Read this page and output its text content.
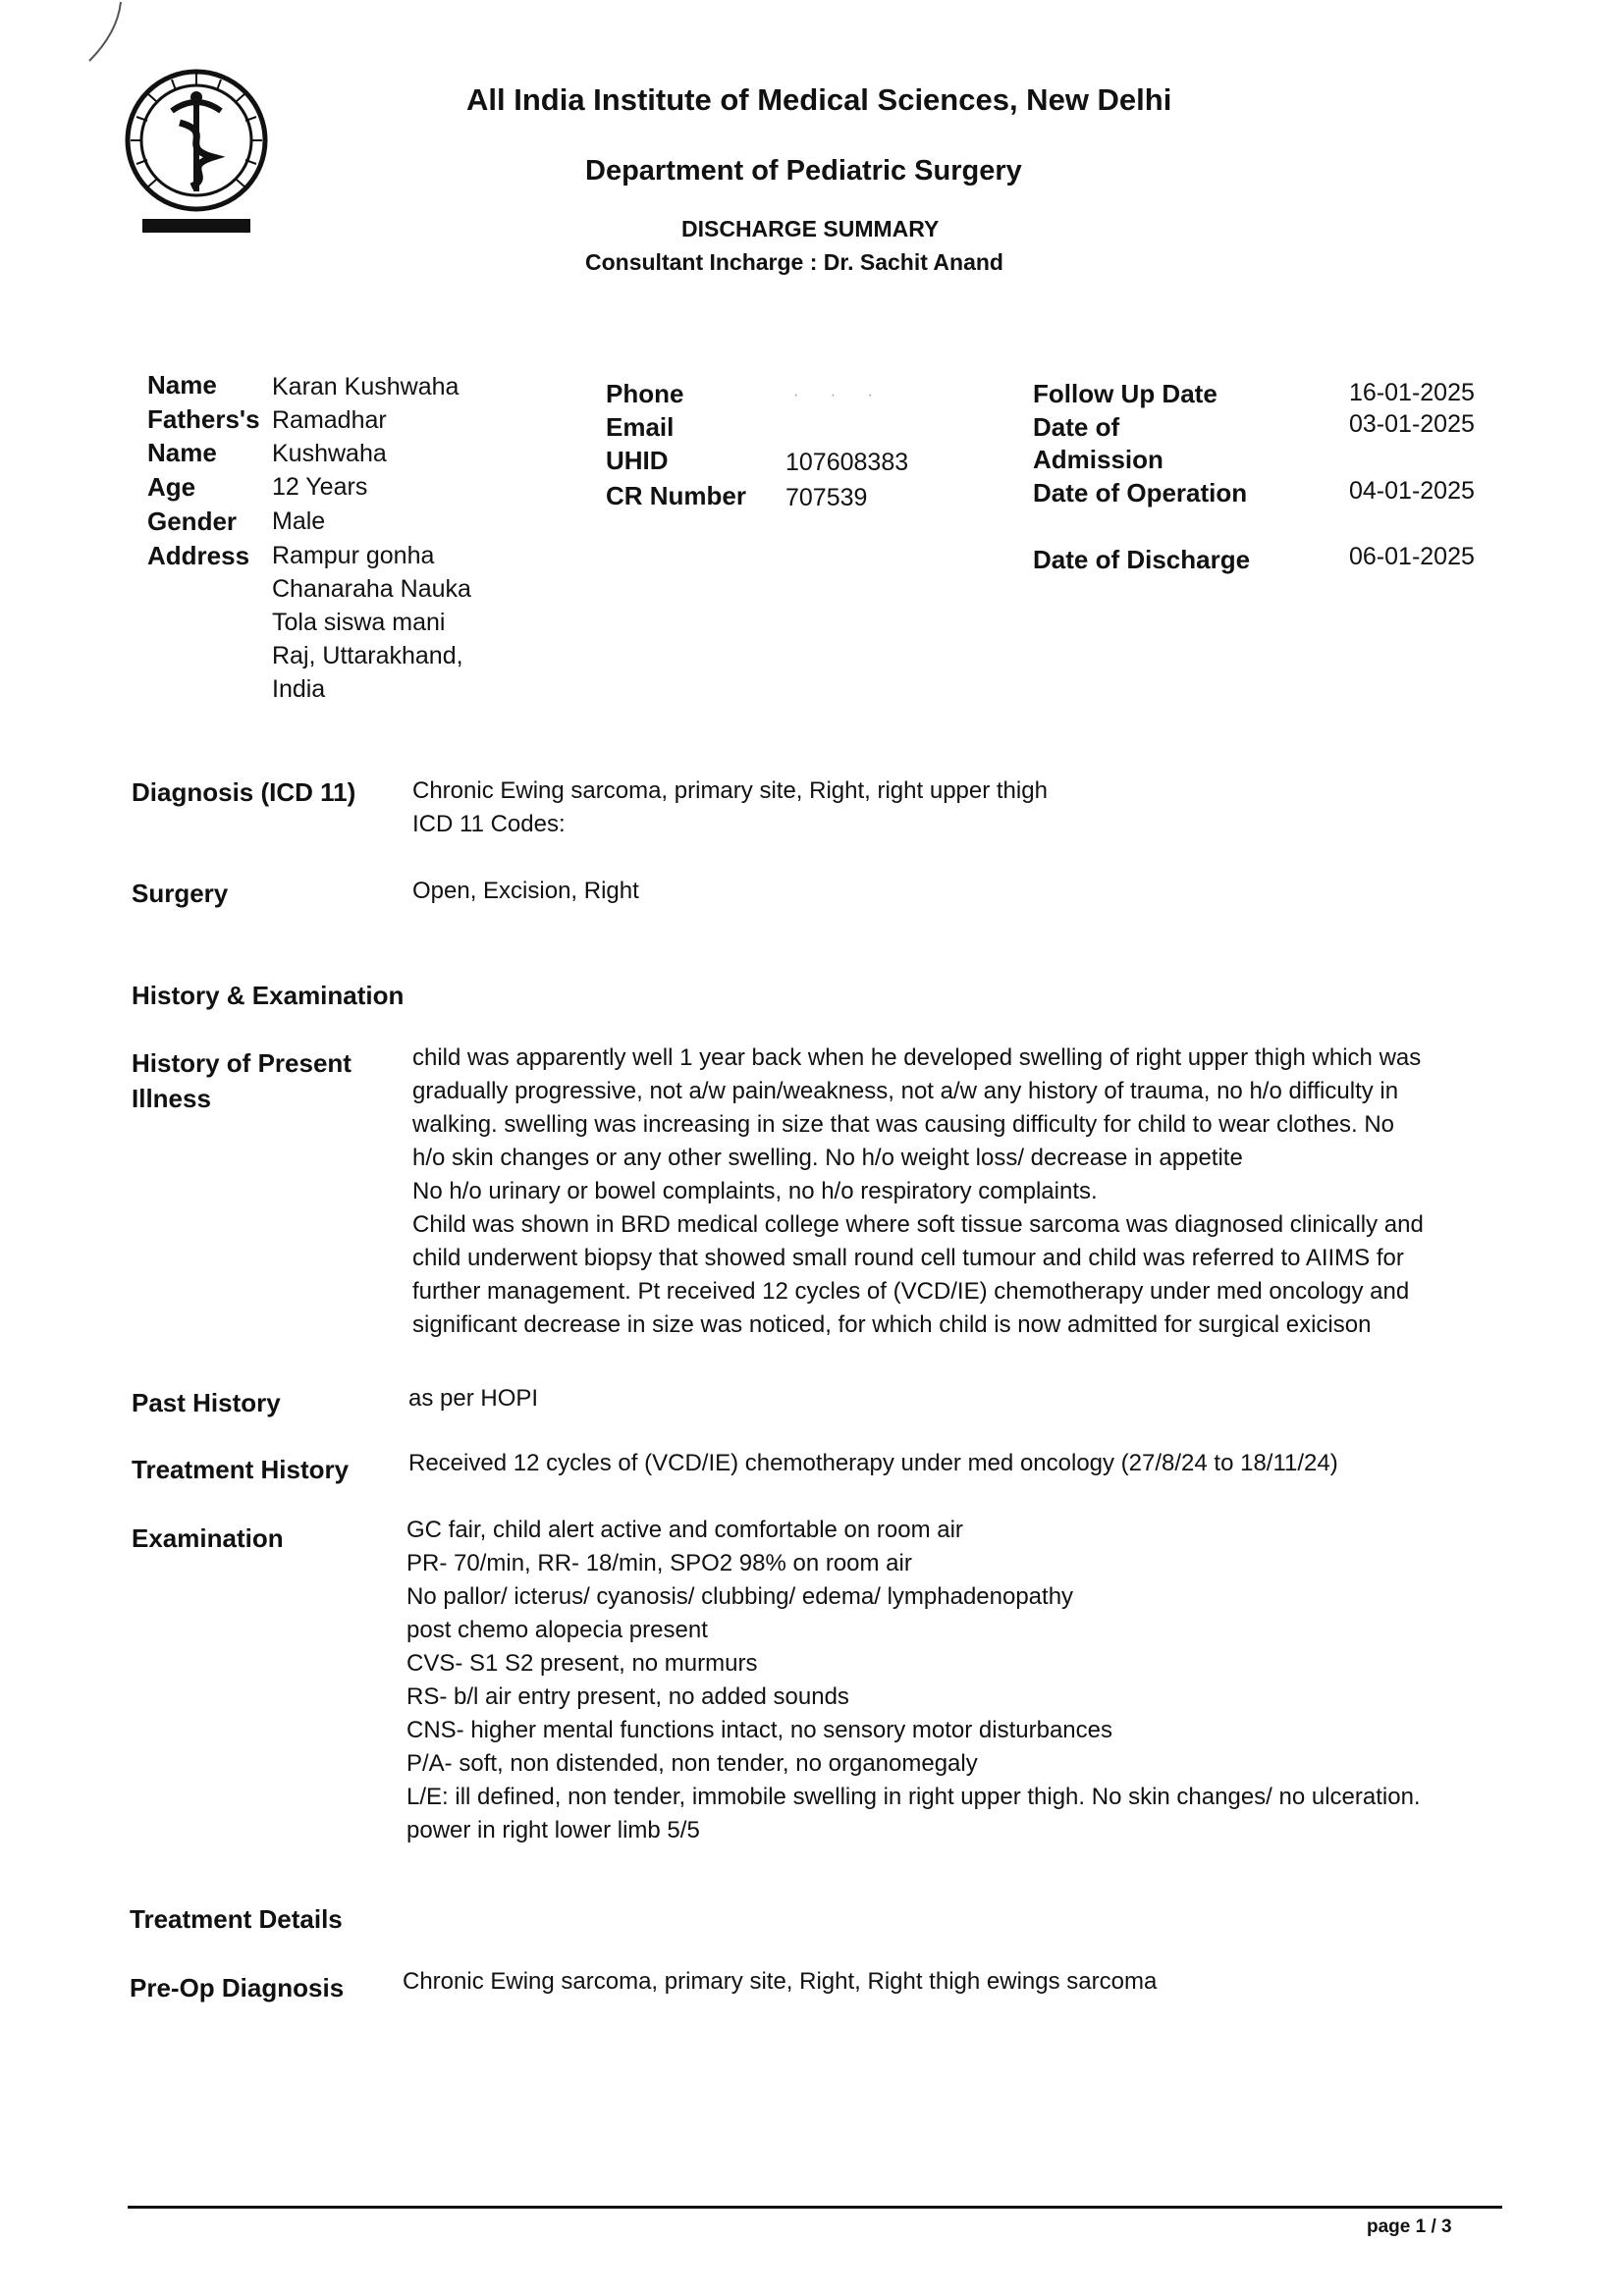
All India Institute of Medical Sciences, New Delhi
Department of Pediatric Surgery
DISCHARGE SUMMARY
Consultant Incharge : Dr. Sachit Anand
Name Karan Kushwaha
Fathers's Ramadhar
Name Kushwaha
Age	12 Years
Gender Male
Address Rampur gonha
Chanaraha Nauka
Tola siswa mani
Raj, Uttarakhand,
India
Phone	· · ·
Email
UHID	107608383
CR Number 707539
Follow Up Date	16-01-2025
Date of	03-01-2025
Admission
Date of Operation	04-01-2025
Date of Discharge	06-01-2025
Diagnosis (ICD 11) Chronic Ewing sarcoma, primary site, Right, right upper thigh
ICD 11 Codes:
Surgery	Open, Excision, Right
History & Examination
History of Present
Illness
child was apparently well 1 year back when he developed swelling of right upper thigh which was
gradually progressive, not a/w pain/weakness, not a/w any history of trauma, no h/o difficulty in
walking. swelling was increasing in size that was causing difficulty for child to wear clothes. No
h/o skin changes or any other swelling. No h/o weight loss/ decrease in appetite
No h/o urinary or bowel complaints, no h/o respiratory complaints.
Child was shown in BRD medical college where soft tissue sarcoma was diagnosed clinically and
child underwent biopsy that showed small round cell tumour and child was referred to AIIMS for
further management. Pt received 12 cycles of (VCD/IE) chemotherapy under med oncology and
significant decrease in size was noticed, for which child is now admitted for surgical exicison
Past History	as per HOPI
Treatment History	Received 12 cycles of (VCD/IE) chemotherapy under med oncology (27/8/24 to 18/11/24)
Examination	GC fair, child alert active and comfortable on room air
PR- 70/min, RR- 18/min, SPO2 98% on room air
No pallor/ icterus/ cyanosis/ clubbing/ edema/ lymphadenopathy
post chemo alopecia present
CVS- S1 S2 present, no murmurs
RS- b/l air entry present, no added sounds
CNS- higher mental functions intact, no sensory motor disturbances
P/A- soft, non distended, non tender, no organomegaly
L/E: ill defined, non tender, immobile swelling in right upper thigh. No skin changes/ no ulceration.
power in right lower limb 5/5
Treatment Details
Pre-Op Diagnosis Chronic Ewing sarcoma, primary site, Right, Right thigh ewings sarcoma
page 1 / 3
